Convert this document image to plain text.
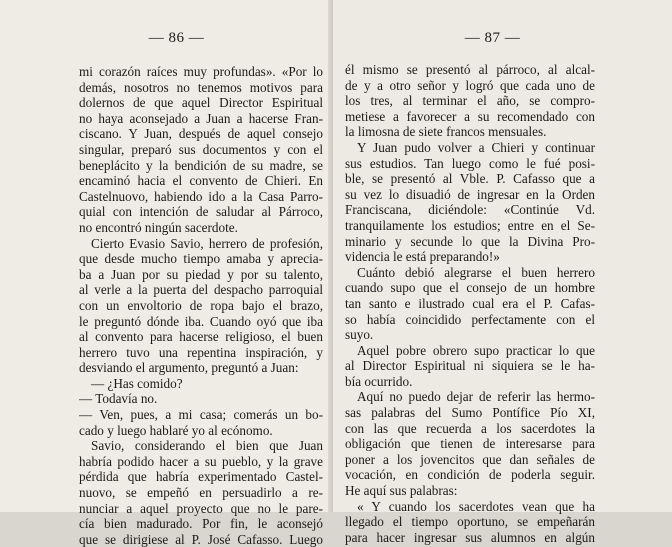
— 86 —
mi corazón raíces muy profundas». «Por lo
demás, nosotros no tenemos motivos para
dolernos de que aquel Director Espiritual
no haya aconsejado a Juan a hacerse Fran-
ciscano. Y Juan, después de aquel consejo
singular, preparó sus documentos y con el
beneplácito y la bendición de su madre, se
encaminó hacia el convento de Chieri. En
Castelnuovo, habiendo ido a la Casa Parro-
quial con intención de saludar al Párroco,
no encontró ningún sacerdote.
Cierto Evasio Savio, herrero de profesión,
que desde mucho tiempo amaba y aprecia-
ba a Juan por su piedad y por su talento,
al verle a la puerta del despacho parroquial
con un envoltorio de ropa bajo el brazo,
le preguntó dónde iba. Cuando oyó que iba
al convento para hacerse religioso, el buen
herrero tuvo una repentina inspiración, y
desviando el argumento, preguntó a Juan:
— ¿Has comido?
— Todavía no.
— Ven, pues, a mi casa; comerás un bo-
cado y luego hablaré yo al ecónomo.
Savio, considerando el bien que Juan
habría podido hacer a su pueblo, y la grave
pérdida que habría experimentado Castel-
nuovo, se empeñó en persuadirlo a re-
nunciar a aquel proyecto que no le pare-
cía bien madurado. Por fin, le aconsejó
que se dirigiese al P. José Cafasso. Luego
— 87 —
él mismo se presentó al párroco, al alcal-
de y a otro señor y logró que cada uno de
los tres, al terminar el año, se compro-
metiese a favorecer a su recomendado con
la limosna de siete francos mensuales.
Y Juan pudo volver a Chieri y continuar
sus estudios. Tan luego como le fué posi-
ble, se presentó al Vble. P. Cafasso que a
su vez lo disuadió de ingresar en la Orden
Franciscana, diciéndole: «Continúe Vd.
tranquilamente los estudios; entre en el Se-
minario y secunde lo que la Divina Pro-
videncia le está preparando!»
Cuánto debió alegrarse el buen herrero
cuando supo que el consejo de un hombre
tan santo e ilustrado cual era el P. Cafas-
so había coincidido perfectamente con el
suyo.
Aquel pobre obrero supo practicar lo que
al Director Espiritual ni siquiera se le ha-
bía ocurrido.
Aquí no puedo dejar de referir las hermo-
sas palabras del Sumo Pontífice Pío XI,
con las que recuerda a los sacerdotes la
obligación que tienen de interesarse para
poner a los jovencitos que dan señales de
vocación, en condición de poderla seguir.
He aquí sus palabras:
« Y cuando los sacerdotes vean que ha
llegado el tiempo oportuno, se empeñarán
para hacer ingresar sus alumnos en algún
